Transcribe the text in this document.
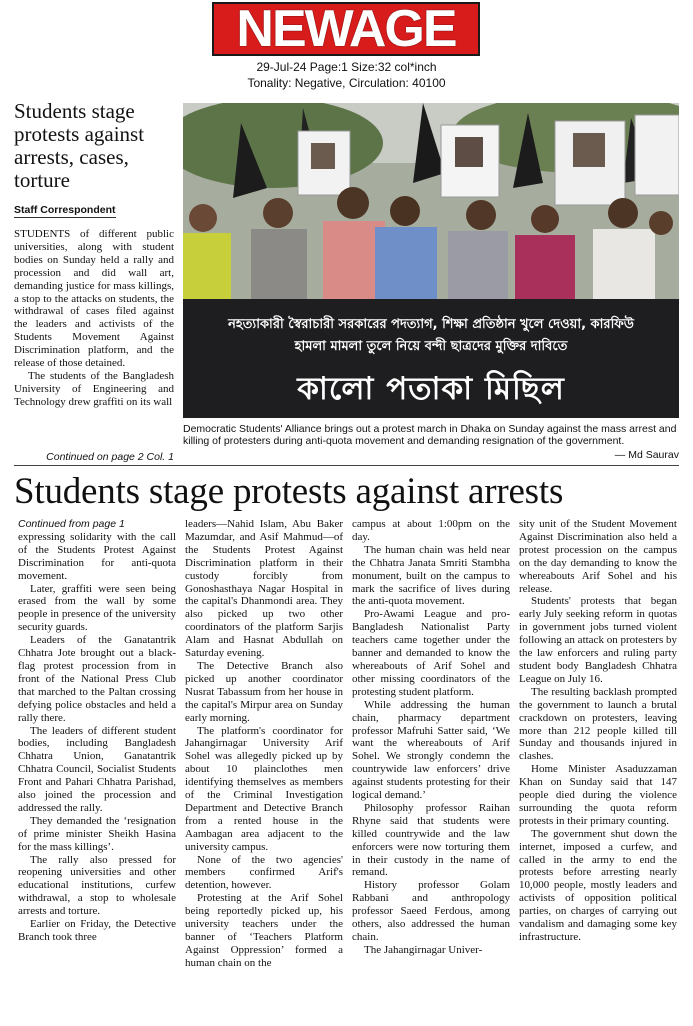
NEWAGE
29-Jul-24 Page:1 Size:32 col*inch
Tonality: Negative, Circulation: 40100
Students stage protests against arrests, cases, torture
Staff Correspondent

STUDENTS of different public universities, along with student bodies on Sunday held a rally and procession and did wall art, demanding justice for mass killings, a stop to the attacks on students, the withdrawal of cases filed against the leaders and activists of the Students Movement Against Discrimination platform, and the release of those detained.

The students of the Bangladesh University of Engineering and Technology drew graffiti on its wall

Continued on page 2 Col. 1
নহত্যাকারী স্বৈরাচারী সরকারের পদত্যাগ, শিক্ষা প্রতিষ্ঠান খুলে দেওয়া, কারফিউ
হামলা মামলা তুলে নিয়ে বন্দী ছাত্রদের মুক্তির দাবিতে
কালো পতাকা মিছিল

Democratic Students' Alliance brings out a protest march in Dhaka on Sunday against the mass arrest and killing of protesters during anti-quota movement and demanding resignation of the government.

— Md Saurav
Students stage protests against arrests

Continued from page 1

expressing solidarity with the call of the Students Protest Against Discrimination for anti-quota movement.

Later, graffiti were seen being erased from the wall by some people in presence of the university security guards.

Leaders of the Ganatantrik Chhatra Jote brought out a black-flag protest procession from in front of the National Press Club that marched to the Paltan crossing defying police obstacles and held a rally there.

The leaders of different student bodies, including Bangladesh Chhatra Union, Ganatantrik Chhatra Council, Socialist Students Front and Pahari Chhatra Parishad, also joined the procession and addressed the rally.

They demanded the ‘resignation of prime minister Sheikh Hasina for the mass killings’.

The rally also pressed for reopening universities and other educational institutions, curfew withdrawal, a stop to wholesale arrests and torture.

Earlier on Friday, the Detective Branch took three

leaders—Nahid Islam, Abu Baker Mazumdar, and Asif Mahmud—of the Students Protest Against Discrimination platform in their custody forcibly from Gonoshasthaya Nagar Hospital in the capital's Dhanmondi area. They also picked up two other coordinators of the platform Sarjis Alam and Hasnat Abdullah on Saturday evening.

The Detective Branch also picked up another coordinator Nusrat Tabassum from her house in the capital's Mirpur area on Sunday early morning.

The platform's coordinator for Jahangirnagar University Arif Sohel was allegedly picked up by about 10 plainclothes men identifying themselves as members of the Criminal Investigation Department and Detective Branch from a rented house in the Aambagan area adjacent to the university campus.

None of the two agencies' members confirmed Arif's detention, however.

Protesting at the Arif Sohel being reportedly picked up, his university teachers under the banner of ‘Teachers Platform Against Oppression’ formed a human chain on the

campus at about 1:00pm on the day.

The human chain was held near the Chhatra Janata Smriti Stambha monument, built on the campus to mark the sacrifice of lives during the anti-quota movement.

Pro-Awami League and pro-Bangladesh Nationalist Party teachers came together under the banner and demanded to know the whereabouts of Arif Sohel and other missing coordinators of the protesting student platform.

While addressing the human chain, pharmacy department professor Mafruhi Satter said, ‘We want the whereabouts of Arif Sohel. We strongly condemn the countrywide law enforcers’ drive against students protesting for their logical demand.’

Philosophy professor Raihan Rhyne said that students were killed countrywide and the law enforcers were now torturing them in their custody in the name of remand.

History professor Golam Rabbani and anthropology professor Saeed Ferdous, among others, also addressed the human chain.

The Jahangirnagar Univer-

sity unit of the Student Movement Against Discrimination also held a protest procession on the campus on the day demanding to know the whereabouts Arif Sohel and his release.

Students' protests that began early July seeking reform in quotas in government jobs turned violent following an attack on protesters by the law enforcers and ruling party student body Bangladesh Chhatra League on July 16.

The resulting backlash prompted the government to launch a brutal crackdown on protesters, leaving more than 212 people killed till Sunday and thousands injured in clashes.

Home Minister Asaduzzaman Khan on Sunday said that 147 people died during the violence surrounding the quota reform protests in their primary counting.

The government shut down the internet, imposed a curfew, and called in the army to end the protests before arresting nearly 10,000 people, mostly leaders and activists of opposition political parties, on charges of carrying out vandalism and damaging some key infrastructure.
